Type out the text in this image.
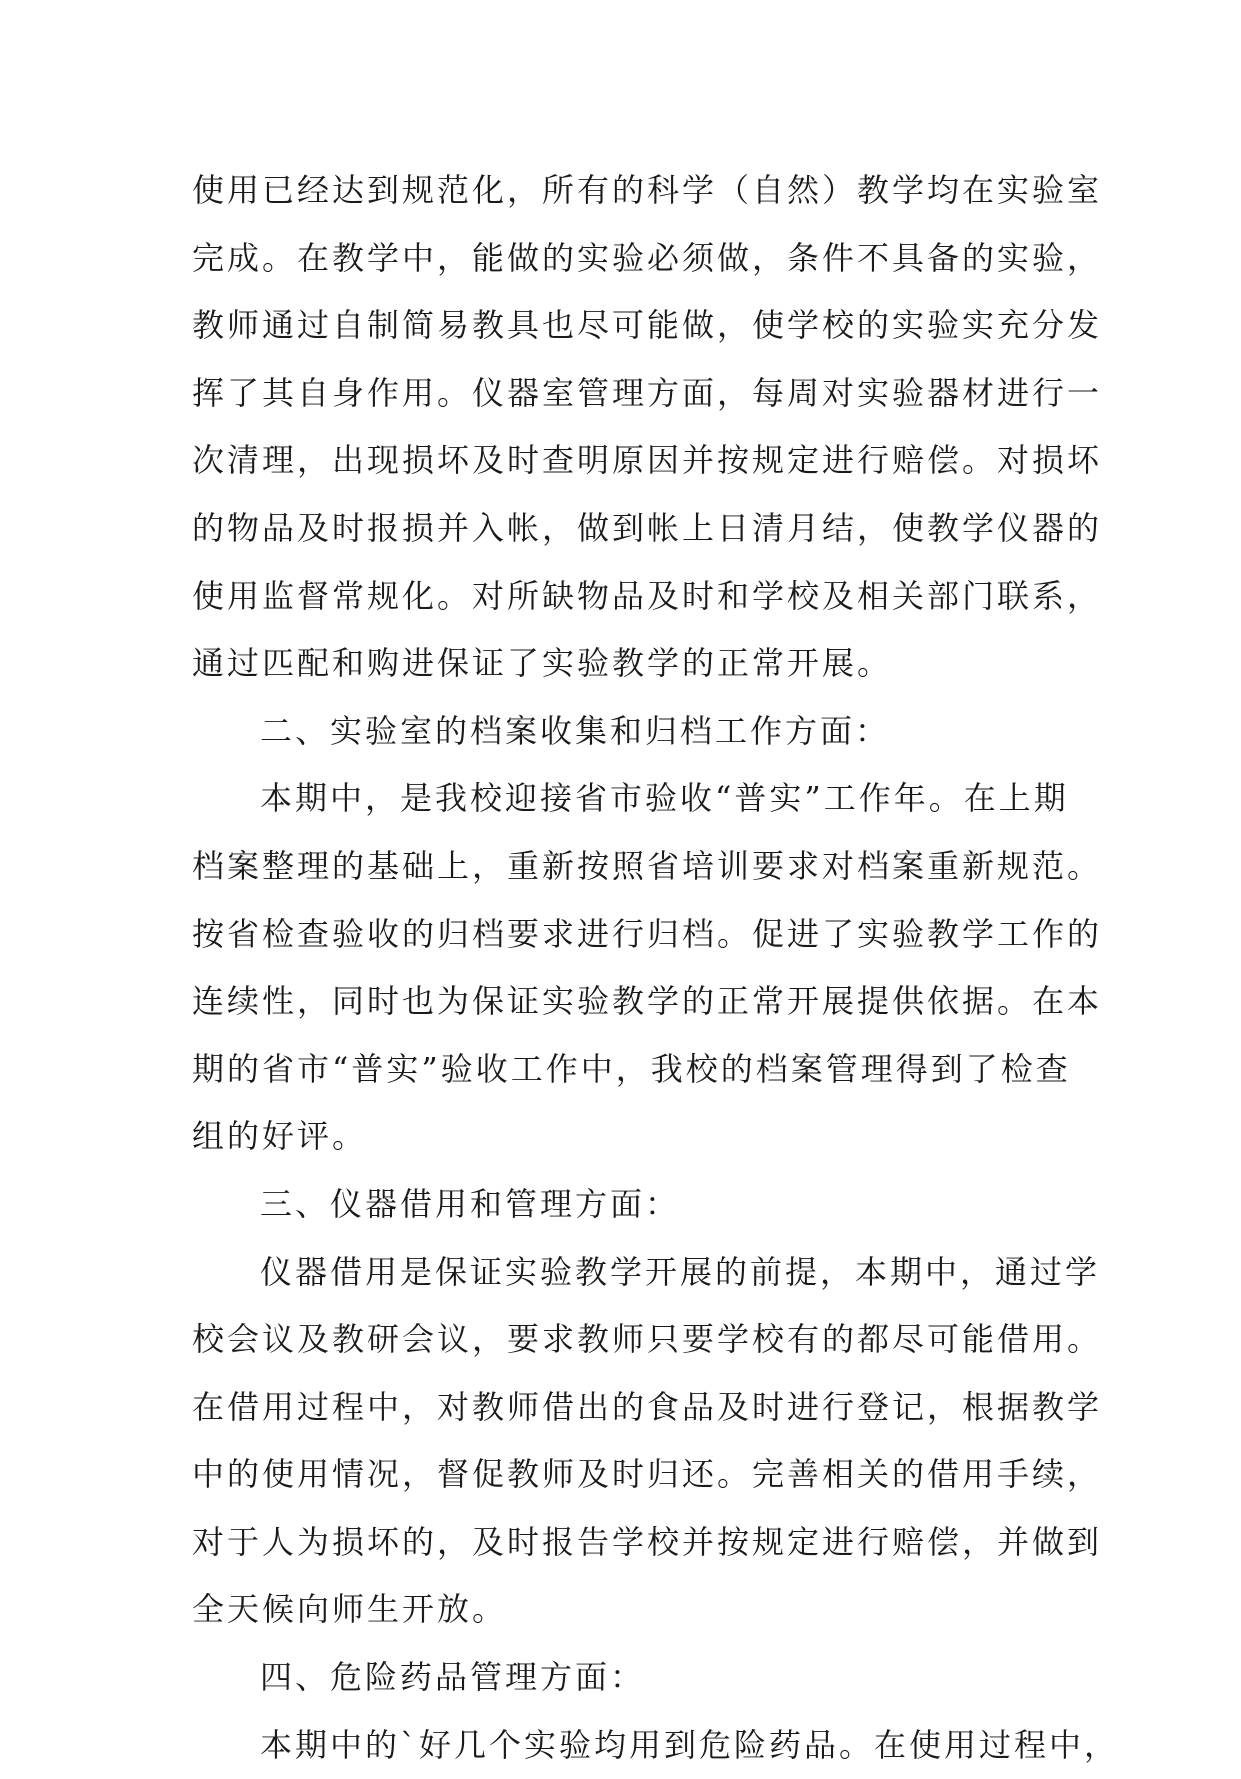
使用已经达到规范化，所有的科学（自然）教学均在实验室
完成。在教学中，能做的实验必须做，条件不具备的实验，
教师通过自制简易教具也尽可能做，使学校的实验实充分发
挥了其自身作用。仪器室管理方面，每周对实验器材进行一
次清理，出现损坏及时查明原因并按规定进行赔偿。对损坏
的物品及时报损并入帐，做到帐上日清月结，使教学仪器的
使用监督常规化。对所缺物品及时和学校及相关部门联系，
通过匹配和购进保证了实验教学的正常开展。
二、实验室的档案收集和归档工作方面：
本期中，是我校迎接省市验收“普实”工作年。在上期
档案整理的基础上，重新按照省培训要求对档案重新规范。
按省检查验收的归档要求进行归档。促进了实验教学工作的
连续性，同时也为保证实验教学的正常开展提供依据。在本
期的省市“普实”验收工作中，我校的档案管理得到了检查
组的好评。
三、仪器借用和管理方面：
仪器借用是保证实验教学开展的前提，本期中，通过学
校会议及教研会议，要求教师只要学校有的都尽可能借用。
在借用过程中，对教师借出的食品及时进行登记，根据教学
中的使用情况，督促教师及时归还。完善相关的借用手续，
对于人为损坏的，及时报告学校并按规定进行赔偿，并做到
全天候向师生开放。
四、危险药品管理方面：
本期中的`好几个实验均用到危险药品。在使用过程中，
